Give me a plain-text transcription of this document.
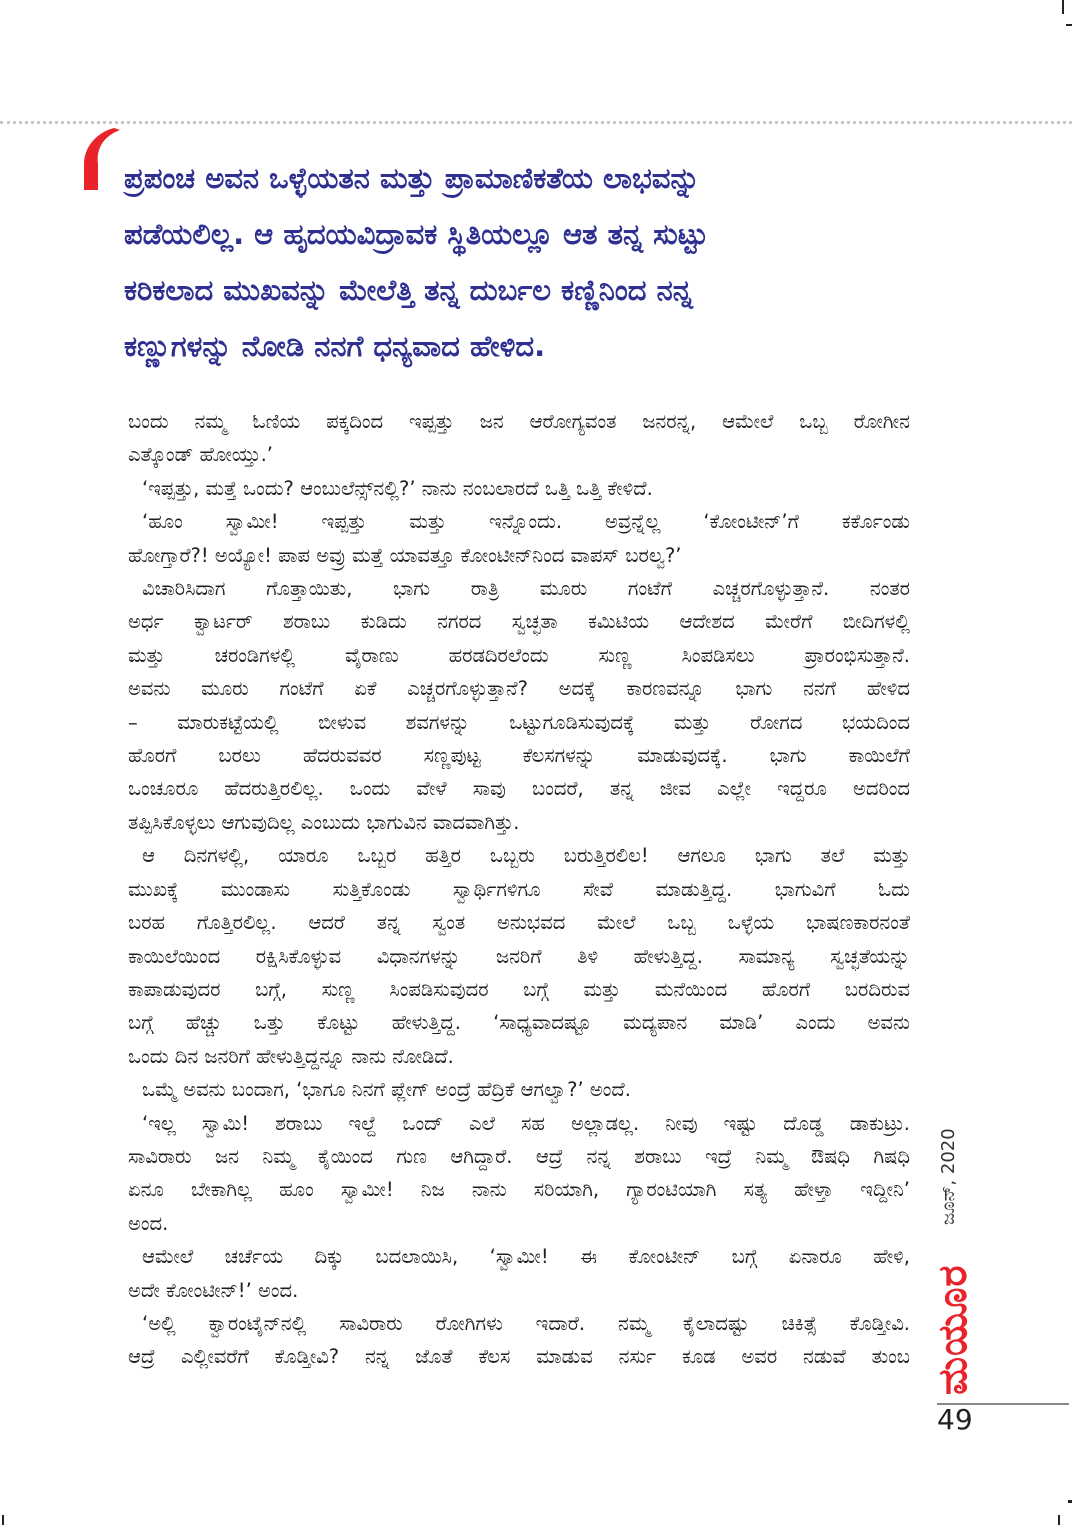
ಪ್ರಪಂಚ ಅವನ ಒಳ್ಳೆಯತನ ಮತ್ತು ಪ್ರಾಮಾಣಿಕತೆಯ ಲಾಭವನ್ನು
ಪಡೆಯಲಿಲ್ಲ. ಆ ಹೃದಯವಿದ್ರಾವಕ ಸ್ಥಿತಿಯಲ್ಲೂ ಆತ ತನ್ನ ಸುಟ್ಟು
ಕರಿಕಲಾದ ಮುಖವನ್ನು ಮೇಲೆತ್ತಿ ತನ್ನ ದುರ್ಬಲ ಕಣ್ಣಿನಿಂದ ನನ್ನ
ಕಣ್ಣುಗಳನ್ನು ನೋಡಿ ನನಗೆ ಧನ್ಯವಾದ ಹೇಳಿದ.
ಬಂದು ನಮ್ಮ ಓಣಿಯ ಪಕ್ಕದಿಂದ ಇಪ್ಪತ್ತು ಜನ ಆರೋಗ್ಯವಂತ ಜನರನ್ನ, ಆಮೇಲೆ ಒಬ್ಬ ರೋಗೀನ
ಎತ್ಕೊಂಡ್ ಹೋಯ್ತು.’
‘ಇಪ್ಪತ್ತು, ಮತ್ತೆ ಒಂದು? ಆಂಬುಲೆನ್ಸ್‌ನಲ್ಲಿ?’ ನಾನು ನಂಬಲಾರದೆ ಒತ್ತಿ ಒತ್ತಿ ಕೇಳಿದೆ.
‘ಹೂಂ ಸ್ವಾಮೀ! ಇಪ್ಪತ್ತು ಮತ್ತು ಇನ್ನೊಂದು. ಅವ್ರನ್ನೆಲ್ಲ ‘ಕೋಂಟೀನ್’ಗೆ ಕರ್ಕೊಂಡು
ಹೋಗ್ತಾರೆ?! ಅಯ್ಯೋ! ಪಾಪ ಅವ್ರು ಮತ್ತೆ ಯಾವತ್ತೂ ಕೋಂಟೀನ್‌ನಿಂದ ವಾಪಸ್ ಬರಲ್ವ?’
ವಿಚಾರಿಸಿದಾಗ ಗೊತ್ತಾಯಿತು, ಭಾಗು ರಾತ್ರಿ ಮೂರು ಗಂಟೆಗೆ ಎಚ್ಚರಗೊಳ್ಳುತ್ತಾನೆ. ನಂತರ
ಅರ್ಧ ಕ್ವಾರ್ಟರ್ ಶರಾಬು ಕುಡಿದು ನಗರದ ಸ್ವಚ್ಛತಾ ಕಮಿಟಿಯ ಆದೇಶದ ಮೇರೆಗೆ ಬೀದಿಗಳಲ್ಲಿ
ಮತ್ತು ಚರಂಡಿಗಳಲ್ಲಿ ವೈರಾಣು ಹರಡದಿರಲೆಂದು ಸುಣ್ಣ ಸಿಂಪಡಿಸಲು ಪ್ರಾರಂಭಿಸುತ್ತಾನೆ.
ಅವನು ಮೂರು ಗಂಟೆಗೆ ಏಕೆ ಎಚ್ಚರಗೊಳ್ಳುತ್ತಾನೆ? ಅದಕ್ಕೆ ಕಾರಣವನ್ನೂ ಭಾಗು ನನಗೆ ಹೇಳಿದ
– ಮಾರುಕಟ್ಟೆಯಲ್ಲಿ ಬೀಳುವ ಶವಗಳನ್ನು ಒಟ್ಟುಗೂಡಿಸುವುದಕ್ಕೆ ಮತ್ತು ರೋಗದ ಭಯದಿಂದ
ಹೊರಗೆ ಬರಲು ಹೆದರುವವರ ಸಣ್ಣಪುಟ್ಟ ಕೆಲಸಗಳನ್ನು ಮಾಡುವುದಕ್ಕೆ. ಭಾಗು ಕಾಯಿಲೆಗೆ
ಒಂಚೂರೂ ಹೆದರುತ್ತಿರಲಿಲ್ಲ. ಒಂದು ವೇಳೆ ಸಾವು ಬಂದರೆ, ತನ್ನ ಜೀವ ಎಲ್ಲೇ ಇದ್ದರೂ ಅದರಿಂದ
ತಪ್ಪಿಸಿಕೊಳ್ಳಲು ಆಗುವುದಿಲ್ಲ ಎಂಬುದು ಭಾಗುವಿನ ವಾದವಾಗಿತ್ತು.
ಆ ದಿನಗಳಲ್ಲಿ, ಯಾರೂ ಒಬ್ಬರ ಹತ್ತಿರ ಒಬ್ಬರು ಬರುತ್ತಿರಲಿಲ! ಆಗಲೂ ಭಾಗು ತಲೆ ಮತ್ತು
ಮುಖಕ್ಕೆ ಮುಂಡಾಸು ಸುತ್ತಿಕೊಂಡು ಸ್ವಾರ್ಥಿಗಳಿಗೂ ಸೇವೆ ಮಾಡುತ್ತಿದ್ದ. ಭಾಗುವಿಗೆ ಓದು
ಬರಹ ಗೊತ್ತಿರಲಿಲ್ಲ. ಆದರೆ ತನ್ನ ಸ್ವಂತ ಅನುಭವದ ಮೇಲೆ ಒಬ್ಬ ಒಳ್ಳೆಯ ಭಾಷಣಕಾರನಂತೆ
ಕಾಯಿಲೆಯಿಂದ ರಕ್ಷಿಸಿಕೊಳ್ಳುವ ವಿಧಾನಗಳನ್ನು ಜನರಿಗೆ ತಿಳಿ ಹೇಳುತ್ತಿದ್ದ. ಸಾಮಾನ್ಯ ಸ್ವಚ್ಛತೆಯನ್ನು
ಕಾಪಾಡುವುದರ ಬಗ್ಗೆ, ಸುಣ್ಣ ಸಿಂಪಡಿಸುವುದರ ಬಗ್ಗೆ ಮತ್ತು ಮನೆಯಿಂದ ಹೊರಗೆ ಬರದಿರುವ
ಬಗ್ಗೆ ಹೆಚ್ಚು ಒತ್ತು ಕೊಟ್ಟು ಹೇಳುತ್ತಿದ್ದ. ‘ಸಾಧ್ಯವಾದಷ್ಟೂ ಮದ್ಯಪಾನ ಮಾಡಿ’ ಎಂದು ಅವನು
ಒಂದು ದಿನ ಜನರಿಗೆ ಹೇಳುತ್ತಿದ್ದನ್ನೂ ನಾನು ನೋಡಿದೆ.
ಒಮ್ಮೆ ಅವನು ಬಂದಾಗ, ‘ಭಾಗೂ ನಿನಗೆ ಪ್ಲೇಗ್ ಅಂದ್ರೆ ಹೆದ್ರಿಕೆ ಆಗಲ್ವಾ?’ ಅಂದೆ.
‘ಇಲ್ಲ ಸ್ವಾಮಿ! ಶರಾಬು ಇಲ್ದೆ ಒಂದ್ ಎಲೆ ಸಹ ಅಲ್ಲಾಡಲ್ಲ. ನೀವು ಇಷ್ಟು ದೊಡ್ಡ ಡಾಕುಟ್ರು.
ಸಾವಿರಾರು ಜನ ನಿಮ್ಮ ಕೈಯಿಂದ ಗುಣ ಆಗಿದ್ದಾರೆ. ಆದ್ರೆ ನನ್ನ ಶರಾಬು ಇದ್ರೆ ನಿಮ್ಮ ಔಷಧಿ ಗಿಷಧಿ
ಏನೂ ಬೇಕಾಗಿಲ್ಲ ಹೂಂ ಸ್ವಾಮೀ! ನಿಜ ನಾನು ಸರಿಯಾಗಿ, ಗ್ಯಾರಂಟಿಯಾಗಿ ಸತ್ಯ ಹೇಳ್ತಾ ಇದ್ದೀನಿ’
ಅಂದ.
ಆಮೇಲೆ ಚರ್ಚೆಯ ದಿಕ್ಕು ಬದಲಾಯಿಸಿ, ‘ಸ್ವಾಮೀ! ಈ ಕೋಂಟೀನ್ ಬಗ್ಗೆ ಏನಾರೂ ಹೇಳಿ,
ಅದೇ ಕೋಂಟೀನ್!’ ಅಂದ.
‘ಅಲ್ಲಿ ಕ್ವಾರಂಟೈನ್‌ನಲ್ಲಿ ಸಾವಿರಾರು ರೋಗಿಗಳು ಇದಾರೆ. ನಮ್ಮ ಕೈಲಾದಷ್ಟು ಚಿಕಿತ್ಸೆ ಕೊಡ್ತೀವಿ.
ಆದ್ರೆ ಎಲ್ಲೀವರೆಗೆ ಕೊಡ್ತೀವಿ? ನನ್ನ ಜೊತೆ ಕೆಲಸ ಮಾಡುವ ನರ್ಸು ಕೂಡ ಅವರ ನಡುವೆ ತುಂಬ
ಜೂನ್, 2020
ಮಯೂರ
49
